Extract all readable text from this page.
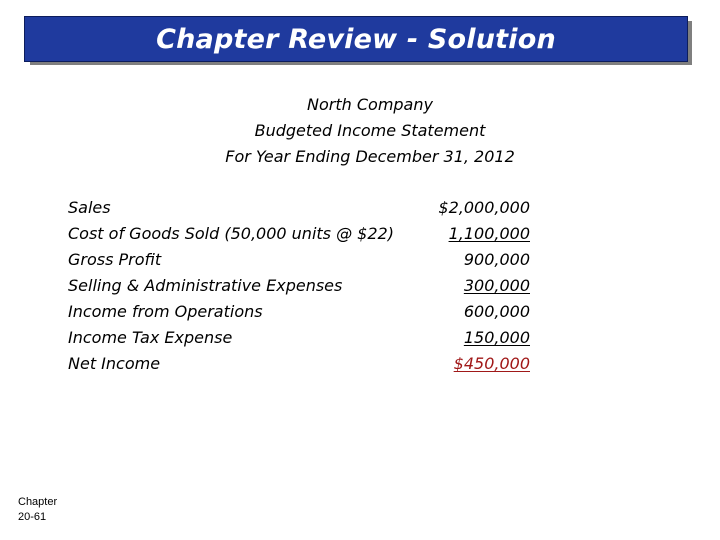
Chapter Review - Solution
North Company
Budgeted Income Statement
For Year Ending December 31, 2012
Sales	$2,000,000
Cost of Goods Sold (50,000 units @ $22)	1,100,000
Gross Profit	900,000
Selling & Administrative Expenses	300,000
Income from Operations	600,000
Income Tax Expense	150,000
Net Income	$450,000
Chapter
20-61
